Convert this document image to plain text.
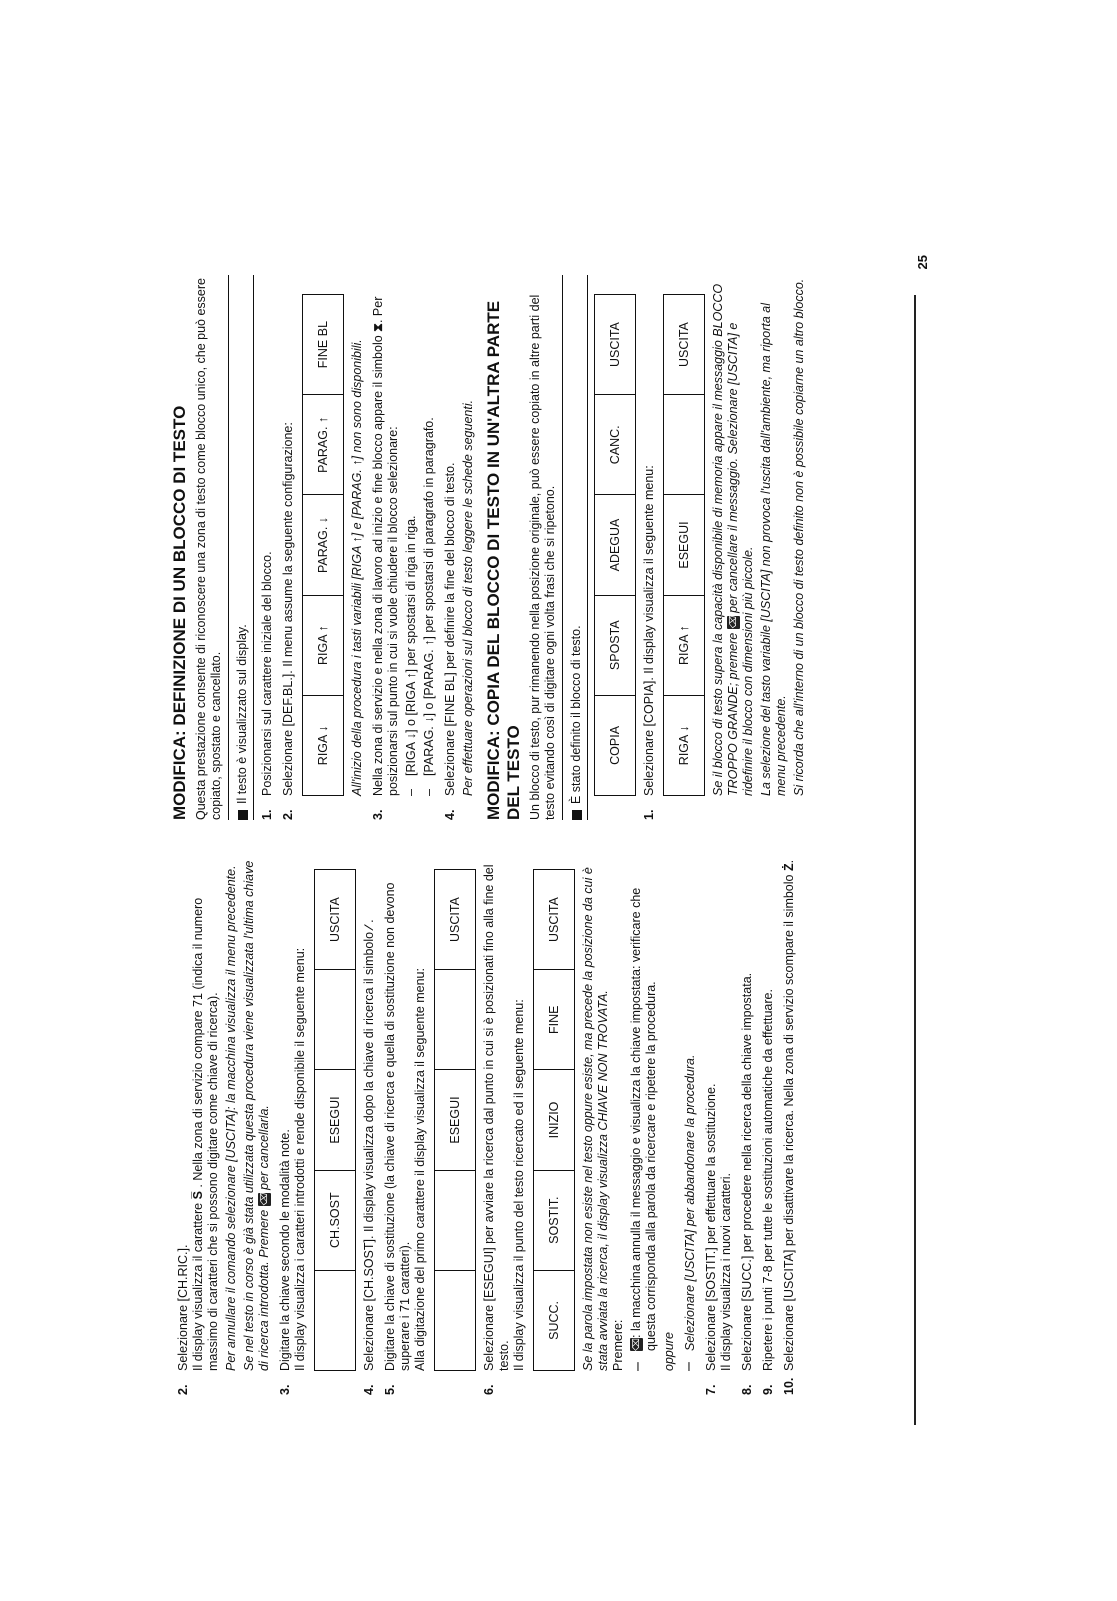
2.

Selezionare [CH.RIC.]. Il display visualizza il carattere S̅ . Nella zona di servizio compare 71 (indica il numero massimo di caratteri che si possono digitare come chiave di ricerca). Per annullare il comando selezionare [USCITA]: la macchina visualizza il menu precedente. Se nel testo in corso è già stata utilizzata questa procedura viene visualizzata l'ultima chiave di ricerca introdotta. Premere ⌫ per cancellarla.

3.

Digitare la chiave secondo le modalità note. Il display visualizza i caratteri introdotti e rende disponibile il seguente menu:	CH.SOST
ESEGUI
USCITA
4.

Selezionare [CH.SOST]. Il display visualizza dopo la chiave di ricerca il simbolo ∕ .

5.

Digitare la chiave di sostituzione (la chiave di ricerca e quella di sostituzione non devono superare i 71 caratteri). Alla digitazione del primo carattere il display visualizza il seguente menu:	ESEGUI
USCITA
6.

Selezionare [ESEGUI] per avviare la ricerca dal punto in cui si è posizionati fino alla fine del testo. Il display visualizza il punto del testo ricercato ed il seguente menu:	SUCC.
SOSTIT.
INIZIO
FINE
USCITA	Se la parola impostata non esiste nel testo oppure esiste, ma precede la posizione da cui è stata avviata la ricerca, il display visualizza CHIAVE NON TROVATA. Premere: –

⌫: la macchina annulla il messaggio e visualizza la chiave impostata: verificare che questa corrisponda alla parola da ricercare e ripetere la procedura.

oppure –

Selezionare [USCITA] per abbandonare la procedura.

7.

Selezionare [SOSTIT.] per effettuare la sostituzione. Il display visualizza i nuovi caratteri.

8.

Selezionare [SUCC.] per procedere nella ricerca della chiave impostata.

9.

Ripetere i punti 7-8 per tutte le sostituzioni automatiche da effettuare.

10.

Selezionare [USCITA] per disattivare la ricerca. Nella zona di servizio scompare il simbolo Ż.

MODIFICA: DEFINIZIONE DI UN BLOCCO DI TESTO Questa prestazione consente di riconoscere una zona di testo come blocco unico, che può essere copiato, spostato e cancellato. Il testo è visualizzato sul display.

1.

Posizionarsi sul carattere iniziale del blocco.

2.

Selezionare [DEF.BL.]. Il menu assume la seguente configurazione:	RIGA ↓
RIGA ↑
PARAG. ↓
PARAG. ↑
FINE BL	All'inizio della procedura i tasti variabili [RIGA ↑] e [PARAG. ↑] non sono disponibili.

3.

Nella zona di servizio e nella zona di lavoro ad inizio e fine blocco appare il simbolo ⧗. Per posizionarsi sul punto in cui si vuole chiudere il blocco selezionare: –

[RIGA ↓] o [RIGA ↑] per spostarsi di riga in riga.

–

[PARAG. ↓] o [PARAG. ↑] per spostarsi di paragrafo in paragrafo.

4.

Selezionare [FINE BL] per definire la fine del blocco di testo. Per effettuare operazioni sul blocco di testo leggere le schede seguenti. MODIFICA: COPIA DEL BLOCCO DI TESTO IN UN'ALTRA PARTE DEL TESTO Un blocco di testo, pur rimanendo nella posizione originale, può essere copiato in altre parti del testo evitando così di digitare ogni volta frasi che si ripetono. È stato definito il blocco di testo.	COPIA
SPOSTA
ADEGUA
CANC.
USCITA
1.

Selezionare [COPIA]. Il display visualizza il seguente menu:	RIGA ↓
RIGA ↑
ESEGUI
USCITA	Se il blocco di testo supera la capacità disponibile di memoria appare il messaggio BLOCCO TROPPO GRANDE; premere ⌫ per cancellare il messaggio. Selezionare [USCITA] e ridefinire il blocco con dimensioni più piccole. La selezione del tasto variabile [USCITA] non provoca l'uscita dall'ambiente, ma riporta al menu precedente. Si ricorda che all'interno di un blocco di testo definito non è possibile copiarne un altro blocco.

25
